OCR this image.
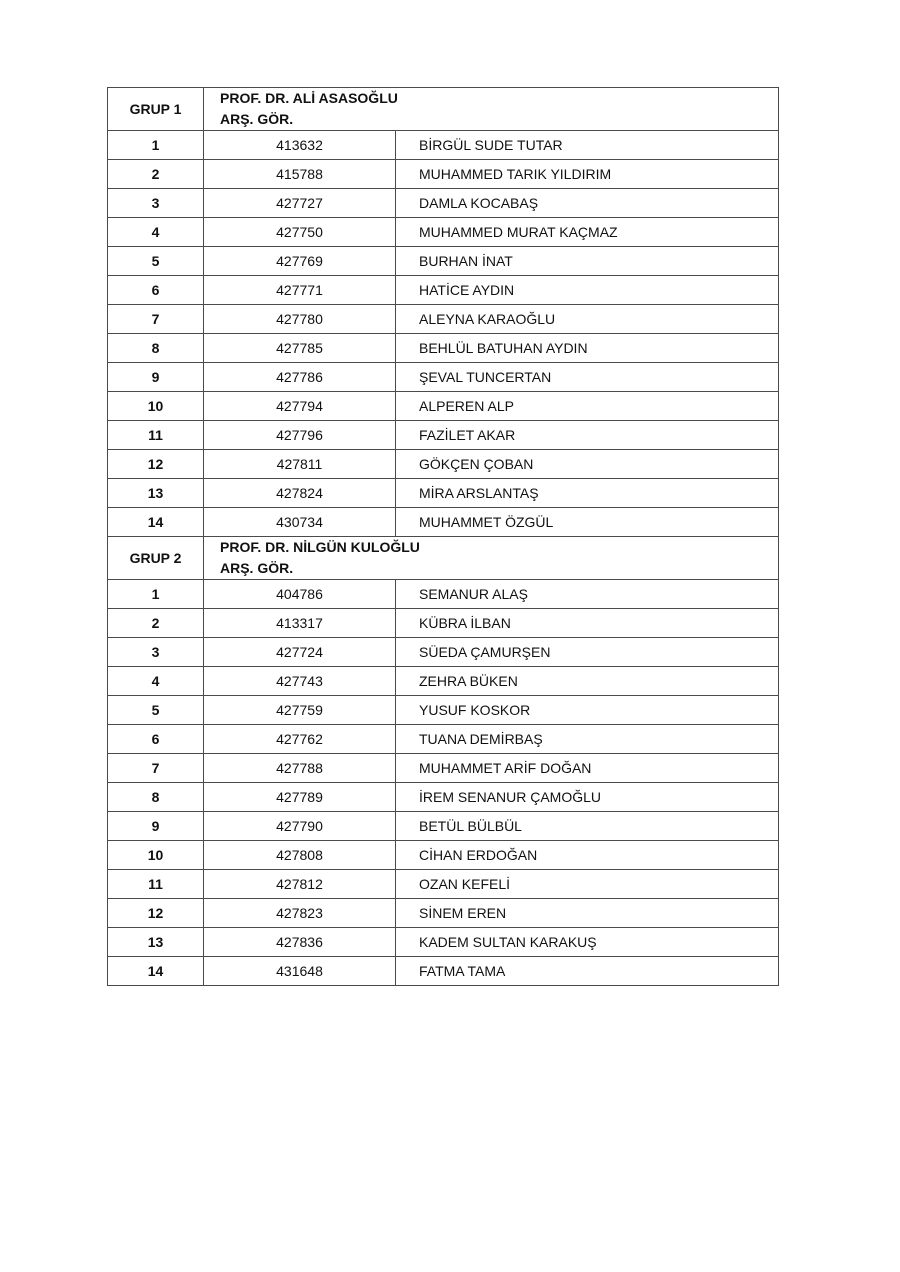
GRUP 1	PROF. DR. ALİ ASASOĞLU
ARŞ. GÖR.	

1	413632	BİRGÜL SUDE TUTAR
2	415788	MUHAMMED TARIK YILDIRIM
3	427727	DAMLA KOCABAŞ
4	427750	MUHAMMED MURAT KAÇMAZ
5	427769	BURHAN İNAT
6	427771	HATİCE AYDIN
7	427780	ALEYNA KARAOĞLU
8	427785	BEHLÜL BATUHAN AYDIN
9	427786	ŞEVAL TUNCERTAN
10	427794	ALPEREN ALP
11	427796	FAZİLET AKAR
12	427811	GÖKÇEN ÇOBAN
13	427824	MİRA ARSLANTAŞ
14	430734	MUHAMMET ÖZGÜL
GRUP 2	PROF. DR. NİLGÜN KULOĞLU
ARŞ. GÖR.	

1	404786	SEMANUR ALAŞ
2	413317	KÜBRA İLBAN
3	427724	SÜEDA ÇAMURŞEN
4	427743	ZEHRA BÜKEN
5	427759	YUSUF KOSKOR
6	427762	TUANA DEMİRBAŞ
7	427788	MUHAMMET ARİF DOĞAN
8	427789	İREM SENANUR ÇAMOĞLU
9	427790	BETÜL BÜLBÜL
10	427808	CİHAN ERDOĞAN
11	427812	OZAN KEFELİ
12	427823	SİNEM EREN
13	427836	KADEM SULTAN KARAKUŞ
14	431648	FATMA TAMA
